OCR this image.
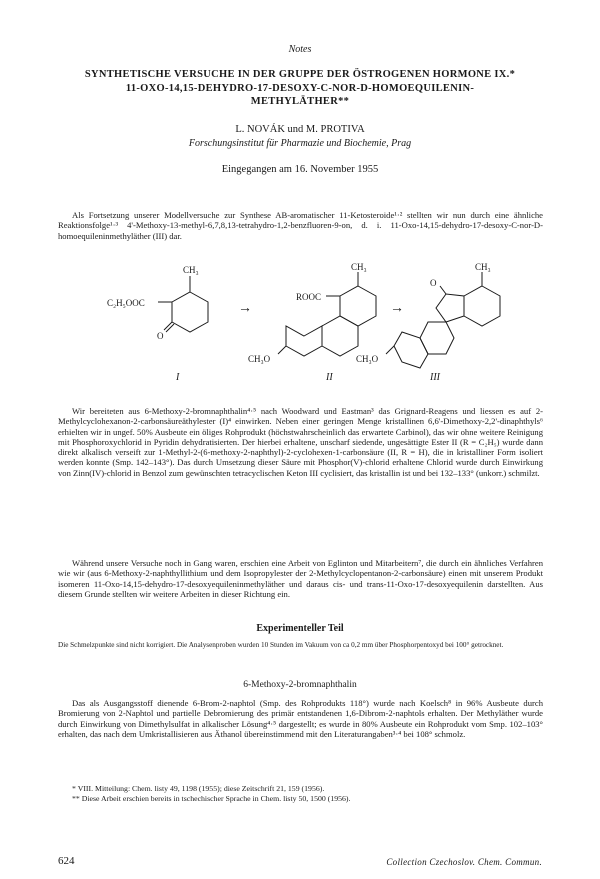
Notes
SYNTHETISCHE VERSUCHE IN DER GRUPPE DER ÖSTROGENEN HORMONE IX.*
11-OXO-14,15-DEHYDRO-17-DESOXY-C-NOR-D-HOMOEQUILENIN-
METHYLÄTHER**
L. NOVÁK und M. PROTIVA
Forschungsinstitut für Pharmazie und Biochemie, Prag
Eingegangen am 16. November 1955

Als Fortsetzung unserer Modellversuche zur Synthese AB-aromatischer 11-Ketosteroide¹·² stellten wir nun durch eine ähnliche Reaktionsfolge¹·³ 4'-Methoxy-13-methyl-6,7,8,13-tetrahydro-1,2-benzfluoren-9-on, d. i. 11-Oxo-14,15-dehydro-17-desoxy-C-nor-D-homoequileninmethyläther (III) dar.

CH₃
C₂H₅OOC
O
→
CH₃
ROOC
CH₃O
→
CH₃
O
CH₃O
I	II	III

Wir bereiteten aus 6-Methoxy-2-bromnaphthalin⁴·⁵ nach Woodward und Eastman³ das Grignard-Reagens und liessen es auf 2-Methylcyclohexanon-2-carbonsäureäthylester (I)⁴ einwirken. Neben einer geringen Menge kristallinen 6,6'-Dimethoxy-2,2'-dinaphthyls⁶ erhielten wir in ungef. 50% Ausbeute ein öliges Rohprodukt (höchstwahrscheinlich das erwartete Carbinol), das wir ohne weitere Reinigung mit Phosphoroxychlorid in Pyridin dehydratisierten. Der hierbei erhaltene, unscharf siedende, ungesättigte Ester II (R = C₂H₅) wurde dann direkt alkalisch verseift zur 1-Methyl-2-(6-methoxy-2-naphthyl)-2-cyclohexen-1-carbonsäure (II, R = H), die in kristalliner Form isoliert werden konnte (Smp. 142–143°). Das durch Umsetzung dieser Säure mit Phosphor(V)-chlorid erhaltene Chlorid wurde durch Einwirkung von Zinn(IV)-chlorid in Benzol zum gewünschten tetracyclischen Keton III cyclisiert, das kristallin ist und bei 132–133° (unkorr.) schmilzt.

Während unsere Versuche noch in Gang waren, erschien eine Arbeit von Eglinton und Mitarbeitern⁷, die durch ein ähnliches Verfahren wie wir (aus 6-Methoxy-2-naphthyllithium und dem Isopropylester der 2-Methylcyclopentanon-2-carbonsäure) einen mit unserem Produkt isomeren 11-Oxo-14,15-dehydro-17-desoxyequileninmethyläther und daraus cis- und trans-11-Oxo-17-desoxyequilenin darstellten. Aus diesem Grunde stellten wir weitere Arbeiten in dieser Richtung ein.

Experimenteller Teil
Die Schmelzpunkte sind nicht korrigiert. Die Analysenproben wurden 10 Stunden im Vakuum von ca 0,2 mm über Phosphorpentoxyd bei 100° getrocknet.
6-Methoxy-2-bromnaphthalin

Das als Ausgangsstoff dienende 6-Brom-2-naphtol (Smp. des Rohprodukts 118°) wurde nach Koelsch⁸ in 96% Ausbeute durch Bromierung von 2-Naphtol und partielle Debromierung des primär entstandenen 1,6-Dibrom-2-naphtols erhalten. Der Methyläther wurde durch Einwirkung von Dimethylsulfat in alkalischer Lösung⁴·⁵ dargestellt; es wurde in 80% Ausbeute ein Rohprodukt vom Smp. 102–103° erhalten, das nach dem Umkristallisieren aus Äthanol übereinstimmend mit den Literaturangaben³·⁴ bei 108° schmolz.

* VIII. Mitteilung: Chem. listy 49, 1198 (1955); diese Zeitschrift 21, 159 (1956).
** Diese Arbeit erschien bereits in tschechischer Sprache in Chem. listy 50, 1500 (1956).
624	Collection Czechoslov. Chem. Commun.
